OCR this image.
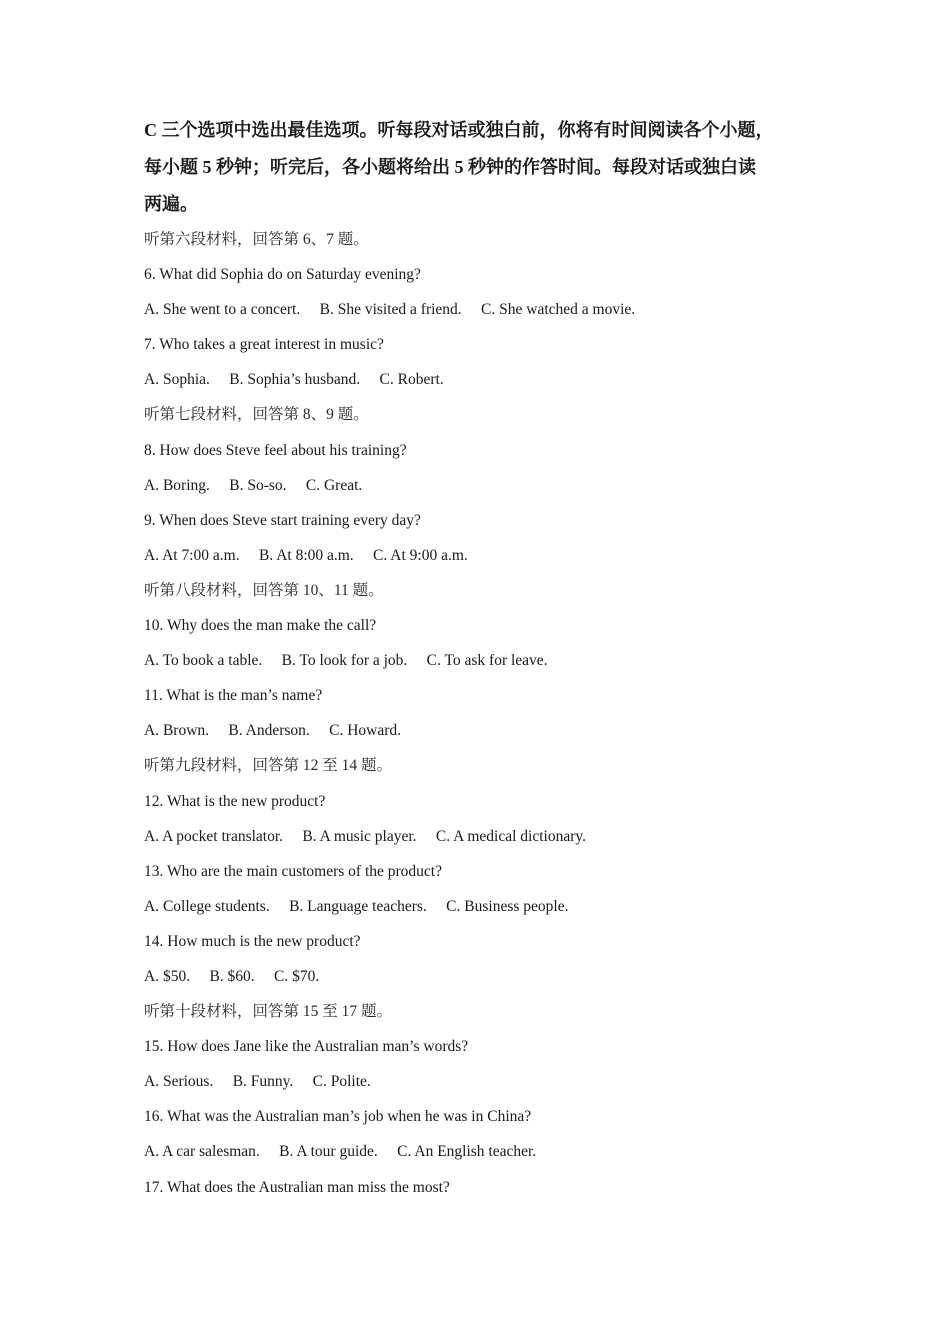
C 三个选项中选出最佳选项。听每段对话或独白前，你将有时间阅读各个小题，
每小题 5 秒钟；听完后，各小题将给出 5 秒钟的作答时间。每段对话或独白读
两遍。
听第六段材料，回答第 6、7 题。
6. What did Sophia do on Saturday evening?
A. She went to a concert.     B. She visited a friend.     C. She watched a movie.
7. Who takes a great interest in music?
A. Sophia.     B. Sophia’s husband.     C. Robert.
听第七段材料，回答第 8、9 题。
8. How does Steve feel about his training?
A. Boring.     B. So-so.     C. Great.
9. When does Steve start training every day?
A. At 7:00 a.m.     B. At 8:00 a.m.     C. At 9:00 a.m.
听第八段材料，回答第 10、11 题。
10. Why does the man make the call?
A. To book a table.     B. To look for a job.     C. To ask for leave.
11. What is the man’s name?
A. Brown.     B. Anderson.     C. Howard.
听第九段材料，回答第 12 至 14 题。
12. What is the new product?
A. A pocket translator.     B. A music player.     C. A medical dictionary.
13. Who are the main customers of the product?
A. College students.     B. Language teachers.     C. Business people.
14. How much is the new product?
A. $50.     B. $60.     C. $70.
听第十段材料，回答第 15 至 17 题。
15. How does Jane like the Australian man’s words?
A. Serious.     B. Funny.     C. Polite.
16. What was the Australian man’s job when he was in China?
A. A car salesman.     B. A tour guide.     C. An English teacher.
17. What does the Australian man miss the most?
